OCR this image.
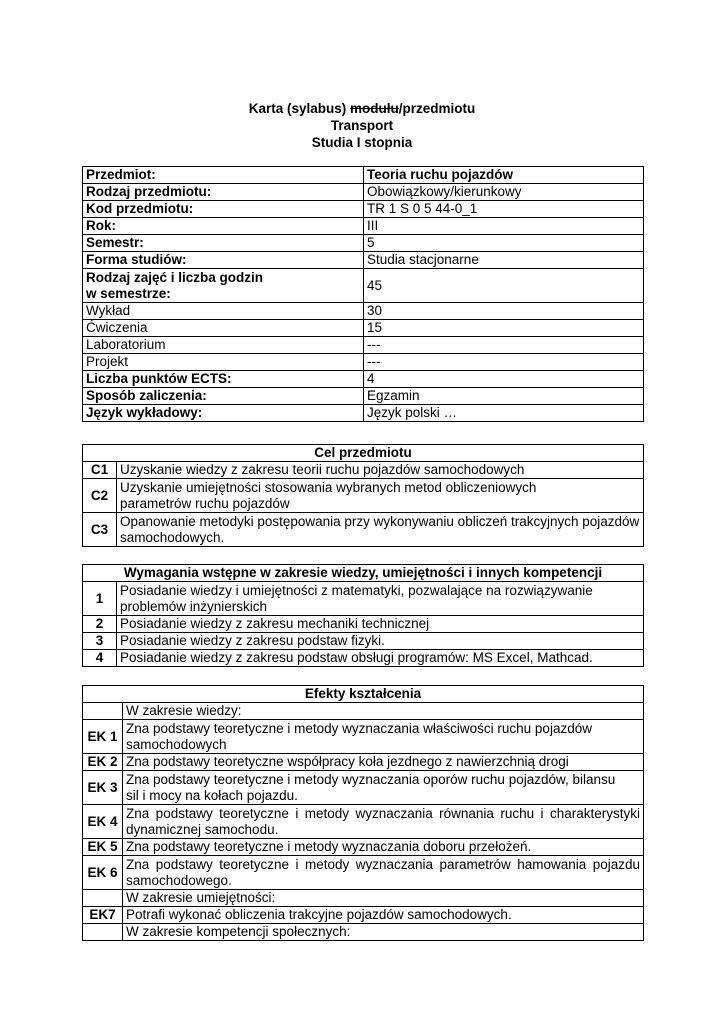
Karta (sylabus) modułu/przedmiotu
Transport
Studia I stopnia
Przedmiot:	Teoria ruchu pojazdów
Rodzaj przedmiotu:	Obowiązkowy/kierunkowy
Kod przedmiotu:	TR 1 S 0 5 44-0_1
Rok:	III
Semestr:	5
Forma studiów:	Studia stacjonarne
Rodzaj zajęć i liczba godzin w semestrze:	45
Wykład	30
Ćwiczenia	15
Laboratorium	---
Projekt	---
Liczba punktów ECTS:	4
Sposób zaliczenia:	Egzamin
Język wykładowy:	Język polski …
Cel przedmiotu	
C1	Uzyskanie wiedzy z zakresu teorii ruchu pojazdów samochodowych
C2	Uzyskanie umiejętności stosowania wybranych metod obliczeniowych parametrów ruchu pojazdów
C3	Opanowanie metodyki postępowania przy wykonywaniu obliczeń trakcyjnych pojazdów samochodowych.
Wymagania wstępne w zakresie wiedzy, umiejętności i innych kompetencji	
1	Posiadanie wiedzy i umiejętności z matematyki, pozwalające na rozwiązywanie problemów inżynierskich
2	Posiadanie wiedzy z zakresu mechaniki technicznej
3	Posiadanie wiedzy z zakresu podstaw fizyki.
4	Posiadanie wiedzy z zakresu podstaw obsługi programów: MS Excel, Mathcad.
Efekty kształcenia	
	W zakresie wiedzy:
EK 1	Zna podstawy teoretyczne i metody wyznaczania właściwości ruchu pojazdów samochodowych
EK 2	Zna podstawy teoretyczne współpracy koła jezdnego z nawierzchnią drogi
EK 3	Zna podstawy teoretyczne i metody wyznaczania oporów ruchu pojazdów, bilansu sil i mocy na kołach pojazdu.
EK 4	Zna podstawy teoretyczne i metody wyznaczania równania ruchu i charakterystyki dynamicznej samochodu.
EK 5	Zna podstawy teoretyczne i metody wyznaczania doboru przełożeń.
EK 6	Zna podstawy teoretyczne i metody wyznaczania parametrów hamowania pojazdu samochodowego.
	W zakresie umiejętności:
EK7	Potrafi wykonać obliczenia trakcyjne pojazdów samochodowych.
	W zakresie kompetencji społecznych:
